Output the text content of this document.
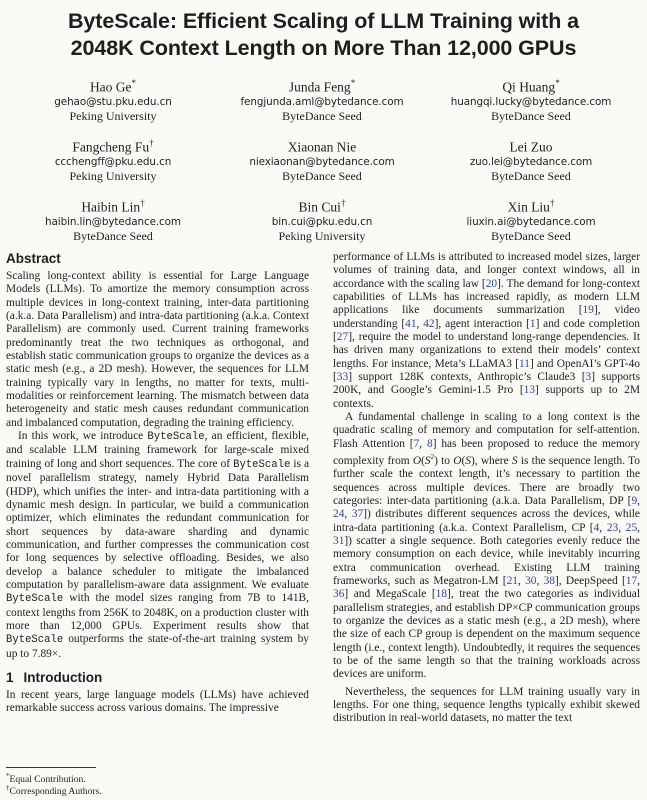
ByteScale: Efficient Scaling of LLM Training with a
2048K Context Length on More Than 12,000 GPUs
Hao Ge*
gehao@stu.pku.edu.cn
Peking University
Junda Feng*
fengjunda.aml@bytedance.com
ByteDance Seed
Qi Huang*
huangqi.lucky@bytedance.com
ByteDance Seed
Fangcheng Fu†
ccchengff@pku.edu.cn
Peking University
Xiaonan Nie
niexiaonan@bytedance.com
ByteDance Seed
Lei Zuo
zuo.lei@bytedance.com
ByteDance Seed
Haibin Lin†
haibin.lin@bytedance.com
ByteDance Seed
Bin Cui†
bin.cui@pku.edu.cn
Peking University
Xin Liu†
liuxin.ai@bytedance.com
ByteDance Seed
Abstract

Scaling long-context ability is essential for Large Language Models (LLMs). To amortize the memory consumption across multiple devices in long-context training, inter-data partitioning (a.k.a. Data Parallelism) and intra-data partitioning (a.k.a. Context Parallelism) are commonly used. Current training frameworks predominantly treat the two techniques as orthogonal, and establish static communication groups to organize the devices as a static mesh (e.g., a 2D mesh). However, the sequences for LLM training typically vary in lengths, no matter for texts, multi-modalities or reinforcement learning. The mismatch between data heterogeneity and static mesh causes redundant communication and imbalanced computation, degrading the training efficiency.

In this work, we introduce ByteScale, an efficient, flexible, and scalable LLM training framework for large-scale mixed training of long and short sequences. The core of ByteScale is a novel parallelism strategy, namely Hybrid Data Parallelism (HDP), which unifies the inter- and intra-data partitioning with a dynamic mesh design. In particular, we build a communication optimizer, which eliminates the redundant communication for short sequences by data-aware sharding and dynamic communication, and further compresses the communication cost for long sequences by selective offloading. Besides, we also develop a balance scheduler to mitigate the imbalanced computation by parallelism-aware data assignment. We evaluate ByteScale with the model sizes ranging from 7B to 141B, context lengths from 256K to 2048K, on a production cluster with more than 12,000 GPUs. Experiment results show that ByteScale outperforms the state-of-the-art training system by up to 7.89×.

1 Introduction

In recent years, large language models (LLMs) have achieved remarkable success across various domains. The impressive

*Equal Contribution.
†Corresponding Authors.

performance of LLMs is attributed to increased model sizes, larger volumes of training data, and longer context windows, all in accordance with the scaling law [20]. The demand for long-context capabilities of LLMs has increased rapidly, as modern LLM applications like documents summarization [19], video understanding [41, 42], agent interaction [1] and code completion [27], require the model to understand long-range dependencies. It has driven many organizations to extend their models’ context lengths. For instance, Meta’s LLaMA3 [11] and OpenAI’s GPT-4o [33] support 128K contexts, Anthropic’s Claude3 [3] supports 200K, and Google’s Gemini-1.5 Pro [13] supports up to 2M contexts.

A fundamental challenge in scaling to a long context is the quadratic scaling of memory and computation for self-attention. Flash Attention [7, 8] has been proposed to reduce the memory complexity from $O(S^2)$ to O(S), where S is the sequence length. To further scale the context length, it’s necessary to partition the sequences across multiple devices. There are broadly two categories: inter-data partitioning (a.k.a. Data Parallelism, DP [9, 24, 37]) distributes different sequences across the devices, while intra-data partitioning (a.k.a. Context Parallelism, CP [4, 23, 25, 31]) scatter a single sequence. Both categories evenly reduce the memory consumption on each device, while inevitably incurring extra communication overhead. Existing LLM training frameworks, such as Megatron-LM [21, 30, 38], DeepSpeed [17, 36] and MegaScale [18], treat the two categories as individual parallelism strategies, and establish DP×CP communication groups to organize the devices as a static mesh (e.g., a 2D mesh), where the size of each CP group is dependent on the maximum sequence length (i.e., context length). Undoubtedly, it requires the sequences to be of the same length so that the training workloads across devices are uniform.

Nevertheless, the sequences for LLM training usually vary in lengths. For one thing, sequence lengths typically exhibit skewed distribution in real-world datasets, no matter the text
